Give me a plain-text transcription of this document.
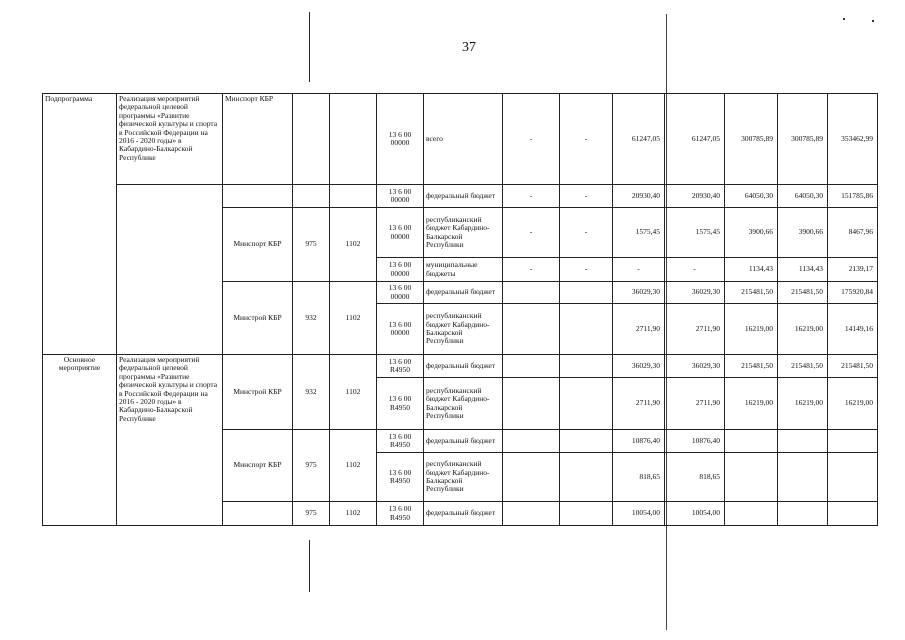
37
Подпрограмма	Реализация мероприятий федеральной целевой программы «Развитие физической культуры и спорта в Российской Федерации на 2016 - 2020 годы» в Кабардино-Балкарской Республике	Минспорт КБР			13 6 00 00000	всего	-	-	61247,05	61247,05	300785,89	300785,89	353462,99
					13 6 00 00000	федеральный бюджет	-	-	20930,40	20930,40	64050,30	64050,30	151785,86
		Минспорт КБР	975	1102	13 6 00 00000	республиканский бюджет Кабардино-Балкарской Республики	-	-	1575,45	1575,45	3900,66	3900,66	8467,96
					13 6 00 00000	муниципальные бюджеты	-	-	-	-	1134,43	1134,43	2139,17
		Минстрой КБР	932	1102	13 6 00 00000	федеральный бюджет			36029,30	36029,30	215481,50	215481,50	175920,84
					13 6 00 00000	республиканский бюджет Кабардино-Балкарской Республики			2711,90	2711,90	16219,00	16219,00	14149,16
Основное мероприятие	Реализация мероприятий федеральной целевой программы «Развитие физической культуры и спорта в Российской Федерации на 2016 - 2020 годы» в Кабардино-Балкарской Республике	Минстрой КБР	932	1102	13 6 00 R4950	федеральный бюджет			36029,30	36029,30	215481,50	215481,50	215481,50
					13 6 00 R4950	республиканский бюджет Кабардино-Балкарской Республики			2711,90	2711,90	16219,00	16219,00	16219,00
		Минспорт КБР	975	1102	13 6 00 R4950	федеральный бюджет			10876,40	10876,40			
					13 6 00 R4950	республиканский бюджет Кабардино-Балкарской Республики			818,65	818,65			
			975	1102	13 6 00 R4950	федеральный бюджет			10054,00	10054,00			
